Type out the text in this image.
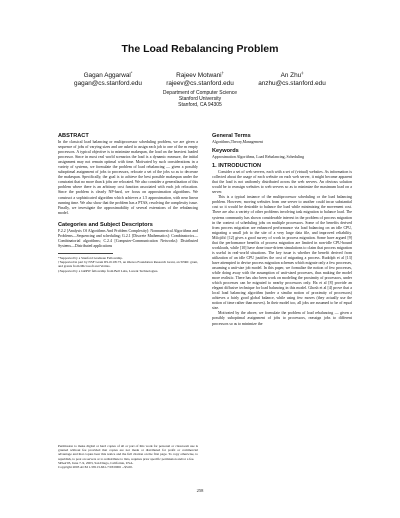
The Load Rebalancing Problem
Gagan Aggarwal*
gagan@cs.stanford.edu
Rajeev Motwani†
rajeev@cs.stanford.edu
An Zhu‡
anzhu@cs.stanford.edu
Department of Computer Science
Stanford University
Stanford, CA 94305

ABSTRACT

In the classical load balancing or multiprocessor scheduling problem, we are given a sequence of jobs of varying sizes and are asked to assign each job to one of the m empty processors. A typical objective is to minimize makespan, the load on the heaviest loaded processor. Since in most real world scenarios the load is a dynamic measure, the initial assignment may not remain optimal with time. Motivated by such considerations in a variety of systems, we formulate the problem of load rebalancing — given a possibly suboptimal assignment of jobs to processors, relocate a set of the jobs so as to decrease the makespan. Specifically, the goal is to achieve the best possible makespan under the constraint that no more than k jobs are relocated. We also consider a generalization of this problem where there is an arbitrary cost function associated with each job relocation. Since the problem is clearly NP-hard, we focus on approximation algorithms. We construct a sophisticated algorithm which achieves a 1.5 approximation, with near linear running time. We also show that the problem has a PTAS, resolving the complexity issue. Finally, we investigate the approximability of several extensions of the rebalancing model.

Categories and Subject Descriptors

F.2.2 [Analysis Of Algorithms And Problem Complexity]: Nonnumerical Algorithms and Problems—Sequencing and scheduling; G.2.1 [Discrete Mathematics]: Combinatorics—Combinatorial algorithms; C.2.4 [Computer-Communication Networks]: Distributed Systems—Distributed applications

*Supported by a Stanford Graduate Fellowship.

†Supported in part by NSF Grant IIS-0118173, an Okawa Foundation Research Grant, an SNRC grant, and grants from Microsoft and Veritas.

‡Supported by a GRPW fellowship from Bell Labs, Lucent Technologies.

Permission to make digital or hard copies of all or part of this work for personal or classroom use is granted without fee provided that copies are not made or distributed for profit or commercial advantage and that copies bear this notice and the full citation on the first page. To copy otherwise, to republish, to post on servers or to redistribute to lists, requires prior specific permission and/or a fee.

SPAA'03, June 7–9, 2003, San Diego, California, USA.

Copyright 2003 ACM 1-58113-661-7/03/0006 ...$5.00.

General Terms

Algorithms,Theory,Management

Keywords

Approximation Algorithms, Load Rebalancing, Scheduling

1. INTRODUCTION

Consider a set of web servers, each with a set of (virtual) websites. As information is collected about the usage of each website on each web server, it might become apparent that the load is not uniformly distributed across the web servers. An obvious solution would be to reassign websites to web servers so as to minimize the maximum load on a server.

This is a typical instance of the multiprocessor scheduling or the load balancing problem. However, moving websites from one server to another could incur substantial cost so it would be desirable to balance the load while minimizing the movement cost. There are also a variety of other problems involving task migration to balance load. The systems community has shown considerable interest in the problem of process migration in the context of scheduling jobs on multiple processors. Some of the benefits derived from process migration are enhanced performance via load balancing on an idle CPU, migrating a small job to the site of a very large data file, and improved reliability. Milojičić [12] gives a good survey of work in process migration. Some have argued [9] that the performance benefits of process migration are limited in non-idle CPU-bound workloads, while [10] have done trace-driven simulations to claim that process migration is useful in real-world situations. The key issue is whether the benefit derived from utilization of an idle CPU justifies the cost of migrating a process. Rudolph et al [13] have attempted to devise process migration schemes which migrate only a few processes, assuming a unit-size job model. In this paper, we formalize the notion of few processes, while doing away with the assumption of unit-sized processes, thus making the model more realistic. There has also been work on modeling the proximity of processors, under which processes can be migrated to nearby processors only. Ha et al [8] provide an elegant diffusive technique for load balancing in this model. Ghosh et al [4] prove that a local load balancing algorithm (under a similar notion of proximity of processors) achieves a fairly good global balance, while using few moves (they actually use the notion of time rather than moves). In their model too, all jobs are assumed to be of equal size.

Motivated by the above, we formulate the problem of load rebalancing — given a possibly suboptimal assignment of jobs to processors, reassign jobs to different processors so as to minimize the

258
